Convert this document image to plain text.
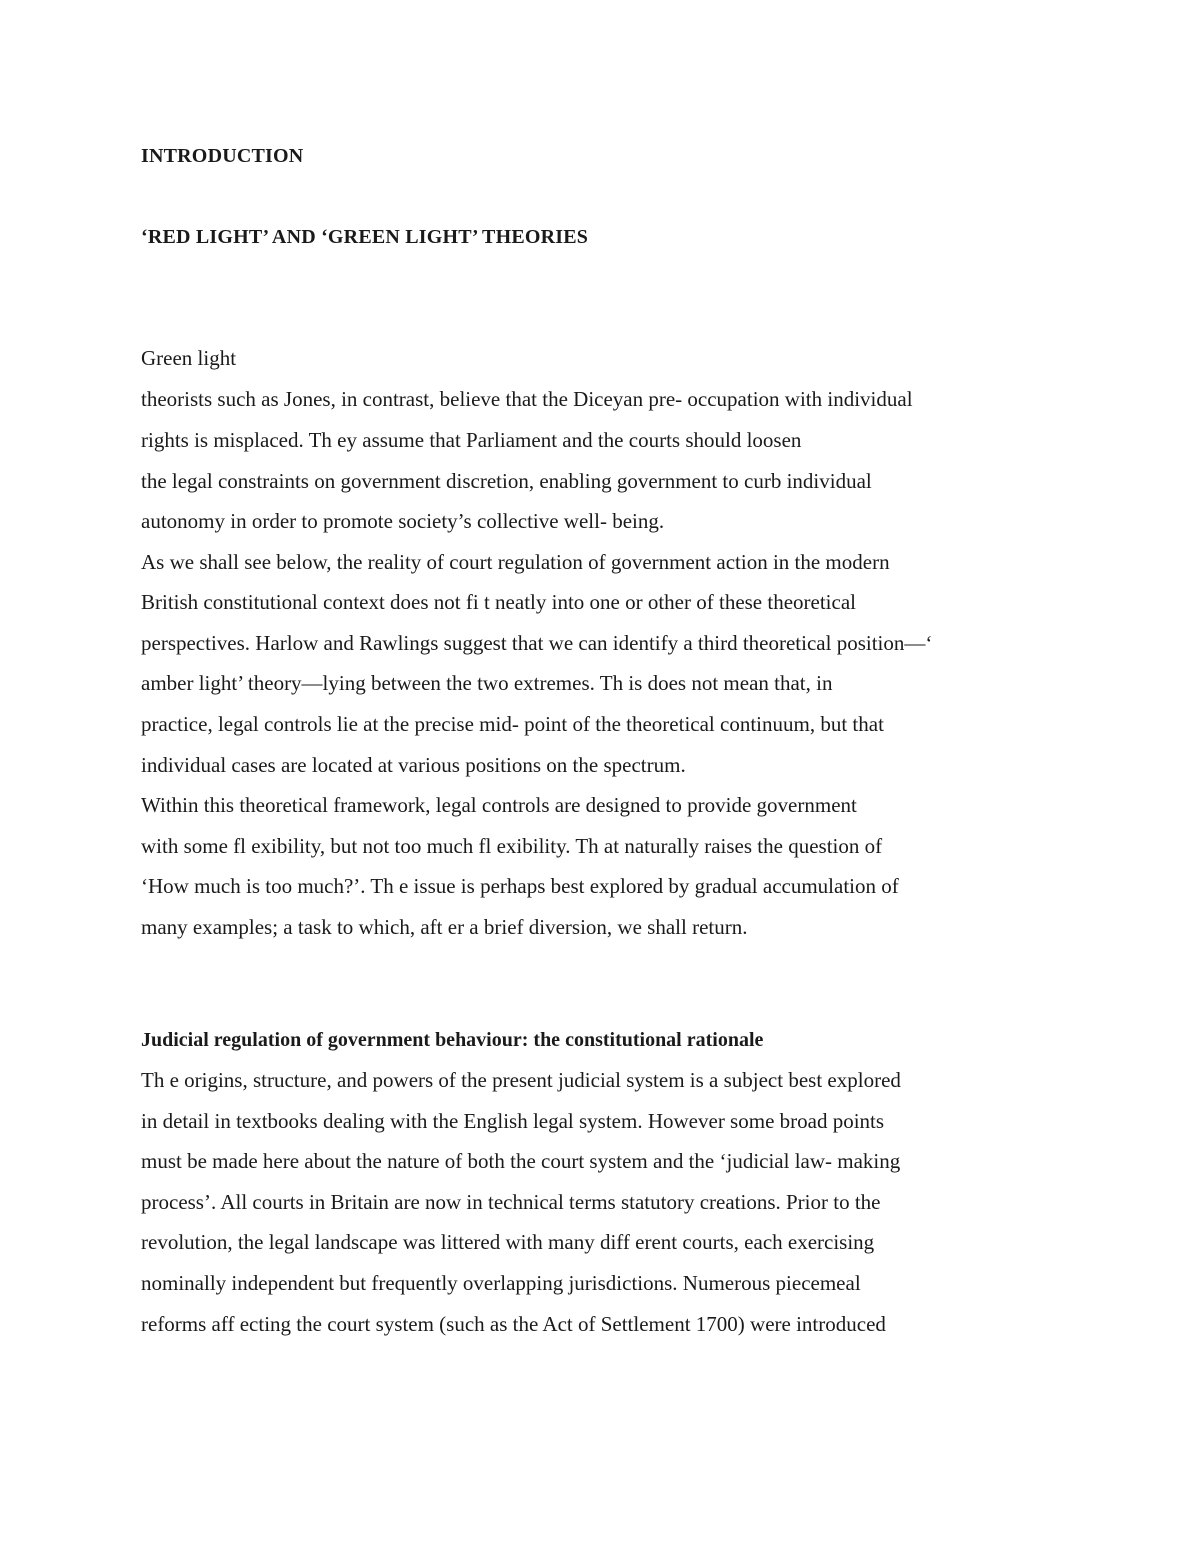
INTRODUCTION
‘RED LIGHT’ AND ‘GREEN LIGHT’ THEORIES
Green light
theorists such as Jones, in contrast, believe that the Diceyan pre- occupation with individual
rights is misplaced. Th ey assume that Parliament and the courts should loosen
the legal constraints on government discretion, enabling government to curb individual
autonomy in order to promote society’s collective well- being.
As we shall see below, the reality of court regulation of government action in the modern
British constitutional context does not fi t neatly into one or other of these theoretical
perspectives. Harlow and Rawlings suggest that we can identify a third theoretical position—‘
amber light’ theory—lying between the two extremes. Th is does not mean that, in
practice, legal controls lie at the precise mid- point of the theoretical continuum, but that
individual cases are located at various positions on the spectrum.
Within this theoretical framework, legal controls are designed to provide government
with some fl exibility, but not too much fl exibility. Th at naturally raises the question of
‘How much is too much?’. Th e issue is perhaps best explored by gradual accumulation of
many examples; a task to which, aft er a brief diversion, we shall return.
Judicial regulation of government behaviour: the constitutional rationale
Th e origins, structure, and powers of the present judicial system is a subject best explored
in detail in textbooks dealing with the English legal system. However some broad points
must be made here about the nature of both the court system and the ‘judicial law- making
process’. All courts in Britain are now in technical terms statutory creations. Prior to the
revolution, the legal landscape was littered with many diff erent courts, each exercising
nominally independent but frequently overlapping jurisdictions. Numerous piecemeal
reforms aff ecting the court system (such as the Act of Settlement 1700) were introduced
